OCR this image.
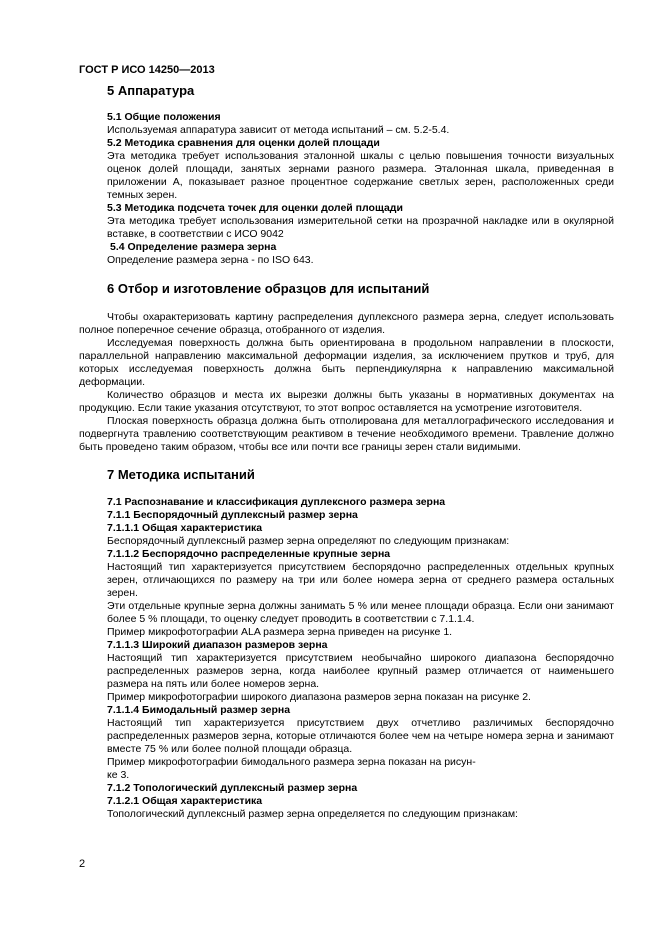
ГОСТ Р ИСО 14250—2013
5 Аппаратура
5.1 Общие положения
Используемая аппаратура зависит от метода испытаний – см. 5.2-5.4.
5.2 Методика сравнения для оценки долей площади
Эта методика требует использования эталонной шкалы с целью повышения точности визуальных оценок долей площади, занятых зернами разного размера. Эталонная шкала, приведенная в приложении А, показывает разное процентное содержание светлых зерен, расположенных среди темных зерен.
5.3 Методика подсчета точек для оценки долей площади
Эта методика требует использования измерительной сетки на прозрачной накладке или в окулярной вставке, в соответствии с ИСО 9042
5.4 Определение размера зерна
Определение размера зерна - по ISO 643.
6 Отбор и изготовление образцов для испытаний
Чтобы охарактеризовать картину распределения дуплексного размера зерна, следует использовать полное поперечное сечение образца, отобранного от изделия.
Исследуемая поверхность должна быть ориентирована в продольном направлении в плоскости, параллельной направлению максимальной деформации изделия, за исключением прутков и труб, для которых исследуемая поверхность должна быть перпендикулярна к направлению максимальной деформации.
Количество образцов и места их вырезки должны быть указаны в нормативных документах на продукцию. Если такие указания отсутствуют, то этот вопрос оставляется на усмотрение изготовителя.
Плоская поверхность образца должна быть отполирована для металлографического исследования и подвергнута травлению соответствующим реактивом в течение необходимого времени. Травление должно быть проведено таким образом, чтобы все или почти все границы зерен стали видимыми.
7 Методика испытаний
7.1 Распознавание и классификация дуплексного размера зерна
7.1.1 Беспорядочный дуплексный размер зерна
7.1.1.1 Общая характеристика
Беспорядочный дуплексный размер зерна определяют по следующим признакам:
7.1.1.2 Беспорядочно распределенные крупные зерна
Настоящий тип характеризуется присутствием беспорядочно распределенных отдельных крупных зерен, отличающихся по размеру на три или более номера зерна от среднего размера остальных зерен.
Эти отдельные крупные зерна должны занимать 5 % или менее площади образца. Если они занимают более 5 % площади, то оценку следует проводить в соответствии с 7.1.1.4.
Пример микрофотографии ALA размера зерна приведен на рисунке 1.
7.1.1.3 Широкий диапазон размеров зерна
Настоящий тип характеризуется присутствием необычайно широкого диапазона беспорядочно распределенных размеров зерна, когда наиболее крупный размер отличается от наименьшего размера на пять или более номеров зерна.
Пример микрофотографии широкого диапазона размеров зерна показан на рисунке 2.
7.1.1.4 Бимодальный размер зерна
Настоящий тип характеризуется присутствием двух отчетливо различимых беспорядочно распределенных размеров зерна, которые отличаются более чем на четыре номера зерна и занимают вместе 75 % или более полной площади образца.
Пример микрофотографии бимодального размера зерна показан на рисун-
ке 3.
7.1.2 Топологический дуплексный размер зерна
7.1.2.1 Общая характеристика
Топологический дуплексный размер зерна определяется по следующим признакам:
2
